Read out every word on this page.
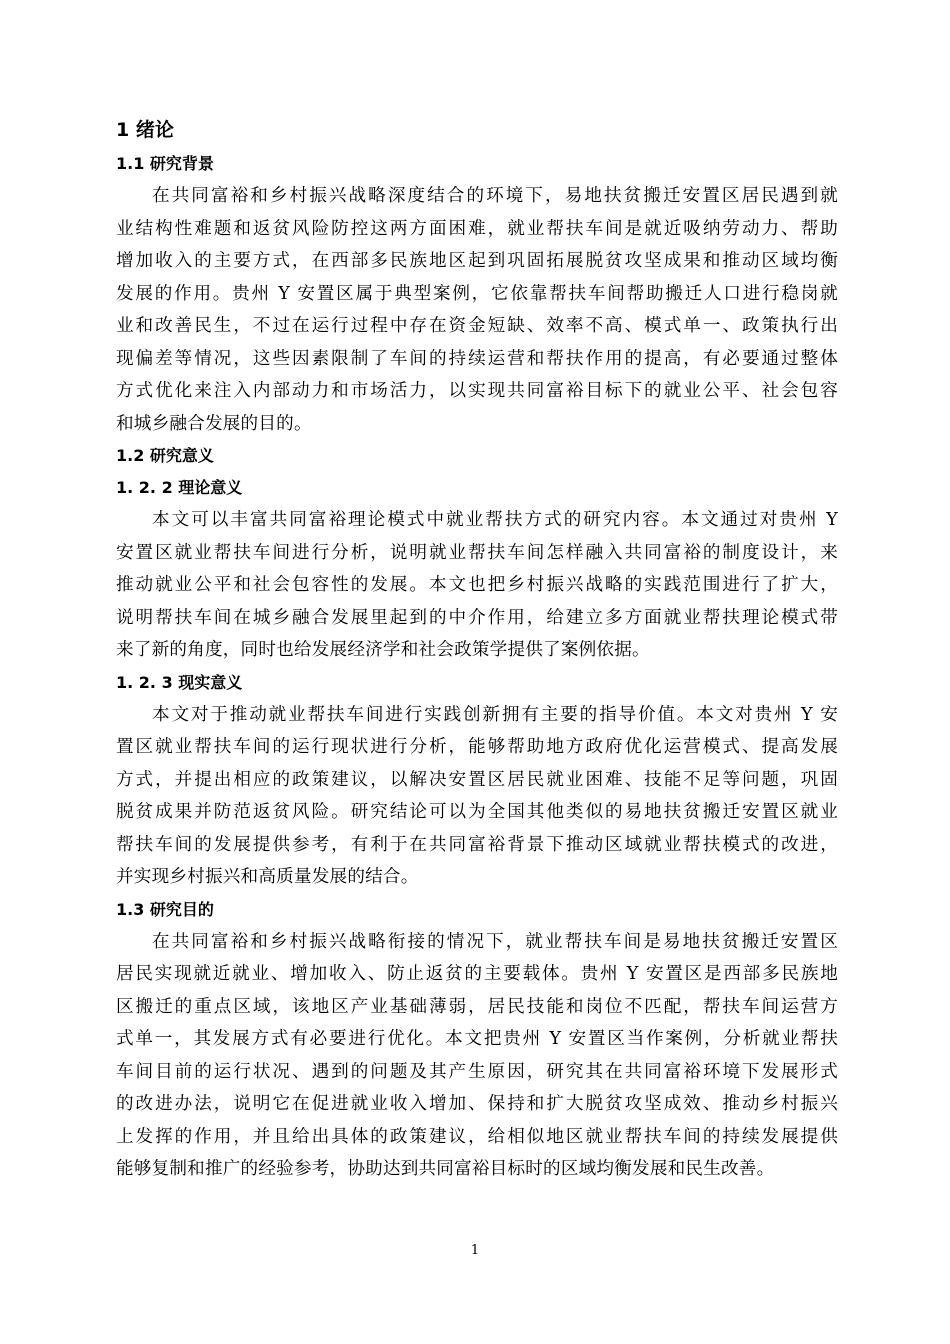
1 绪论
1.1 研究背景
在共同富裕和乡村振兴战略深度结合的环境下，易地扶贫搬迁安置区居民遇到就
业结构性难题和返贫风险防控这两方面困难，就业帮扶车间是就近吸纳劳动力、帮助
增加收入的主要方式，在西部多民族地区起到巩固拓展脱贫攻坚成果和推动区域均衡
发展的作用。贵州 Y 安置区属于典型案例，它依靠帮扶车间帮助搬迁人口进行稳岗就
业和改善民生，不过在运行过程中存在资金短缺、效率不高、模式单一、政策执行出
现偏差等情况，这些因素限制了车间的持续运营和帮扶作用的提高，有必要通过整体
方式优化来注入内部动力和市场活力，以实现共同富裕目标下的就业公平、社会包容
和城乡融合发展的目的。
1.2 研究意义
1. 2. 2 理论意义
本文可以丰富共同富裕理论模式中就业帮扶方式的研究内容。本文通过对贵州 Y
安置区就业帮扶车间进行分析，说明就业帮扶车间怎样融入共同富裕的制度设计，来
推动就业公平和社会包容性的发展。本文也把乡村振兴战略的实践范围进行了扩大，
说明帮扶车间在城乡融合发展里起到的中介作用，给建立多方面就业帮扶理论模式带
来了新的角度，同时也给发展经济学和社会政策学提供了案例依据。
1. 2. 3 现实意义
本文对于推动就业帮扶车间进行实践创新拥有主要的指导价值。本文对贵州 Y 安
置区就业帮扶车间的运行现状进行分析，能够帮助地方政府优化运营模式、提高发展
方式，并提出相应的政策建议，以解决安置区居民就业困难、技能不足等问题，巩固
脱贫成果并防范返贫风险。研究结论可以为全国其他类似的易地扶贫搬迁安置区就业
帮扶车间的发展提供参考，有利于在共同富裕背景下推动区域就业帮扶模式的改进，
并实现乡村振兴和高质量发展的结合。
1.3 研究目的
在共同富裕和乡村振兴战略衔接的情况下，就业帮扶车间是易地扶贫搬迁安置区
居民实现就近就业、增加收入、防止返贫的主要载体。贵州 Y 安置区是西部多民族地
区搬迁的重点区域，该地区产业基础薄弱，居民技能和岗位不匹配，帮扶车间运营方
式单一，其发展方式有必要进行优化。本文把贵州 Y 安置区当作案例，分析就业帮扶
车间目前的运行状况、遇到的问题及其产生原因，研究其在共同富裕环境下发展形式
的改进办法，说明它在促进就业收入增加、保持和扩大脱贫攻坚成效、推动乡村振兴
上发挥的作用，并且给出具体的政策建议，给相似地区就业帮扶车间的持续发展提供
能够复制和推广的经验参考，协助达到共同富裕目标时的区域均衡发展和民生改善。
1
